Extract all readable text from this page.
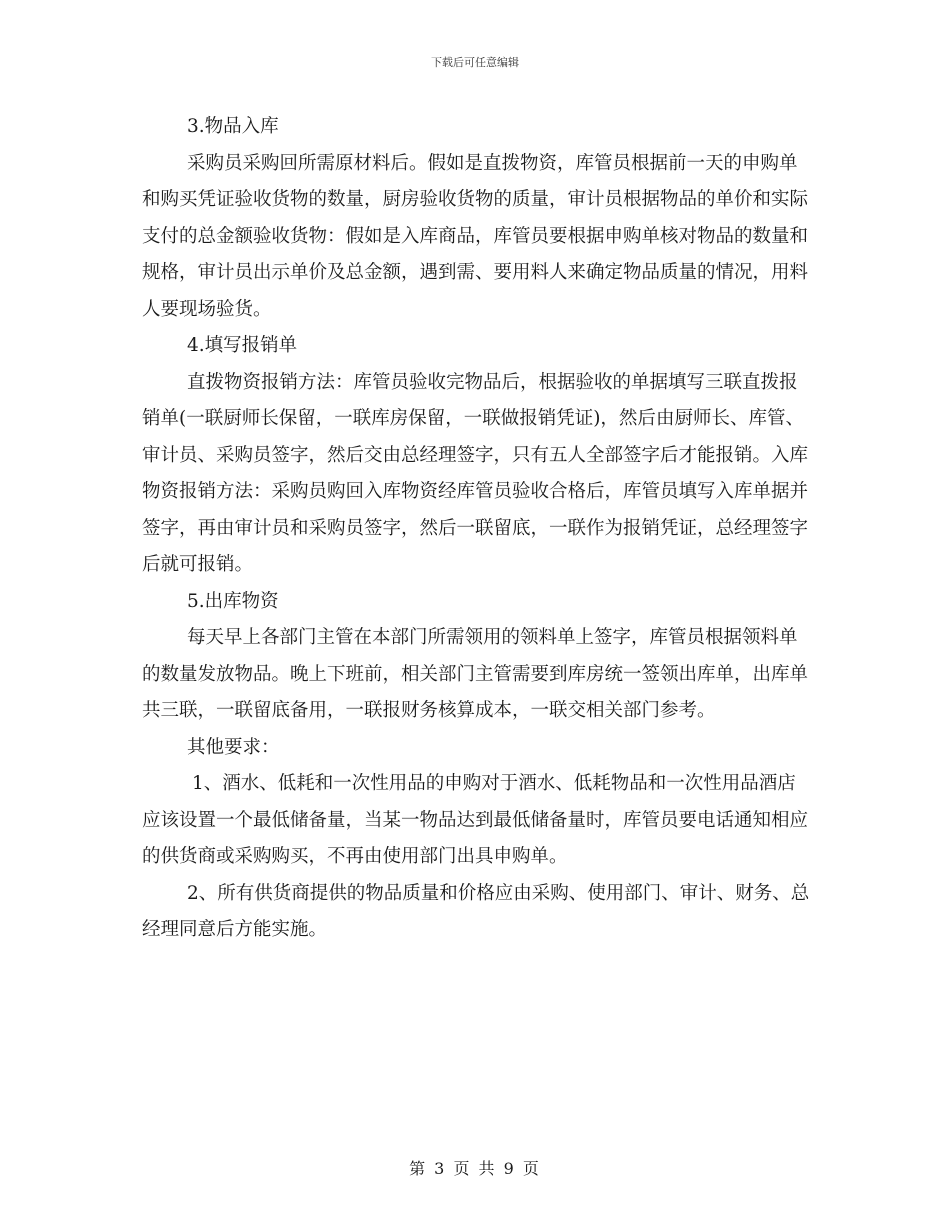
下载后可任意编辑

3.物品入库

采购员采购回所需原材料后。假如是直拨物资，库管员根据前一天的申购单和购买凭证验收货物的数量，厨房验收货物的质量，审计员根据物品的单价和实际支付的总金额验收货物：假如是入库商品，库管员要根据申购单核对物品的数量和规格，审计员出示单价及总金额，遇到需、要用料人来确定物品质量的情况，用料人要现场验货。

4.填写报销单

直拨物资报销方法：库管员验收完物品后，根据验收的单据填写三联直拨报销单(一联厨师长保留，一联库房保留，一联做报销凭证)，然后由厨师长、库管、审计员、采购员签字，然后交由总经理签字，只有五人全部签字后才能报销。入库物资报销方法：采购员购回入库物资经库管员验收合格后，库管员填写入库单据并签字，再由审计员和采购员签字，然后一联留底，一联作为报销凭证，总经理签字后就可报销。

5.出库物资

每天早上各部门主管在本部门所需领用的领料单上签字，库管员根据领料单的数量发放物品。晚上下班前，相关部门主管需要到库房统一签领出库单，出库单共三联，一联留底备用，一联报财务核算成本，一联交相关部门参考。

其他要求：

1、酒水、低耗和一次性用品的申购对于酒水、低耗物品和一次性用品酒店应该设置一个最低储备量，当某一物品达到最低储备量时，库管员要电话通知相应的供货商或采购购买，不再由使用部门出具申购单。

2、所有供货商提供的物品质量和价格应由采购、使用部门、审计、财务、总经理同意后方能实施。

第 3 页 共 9 页
